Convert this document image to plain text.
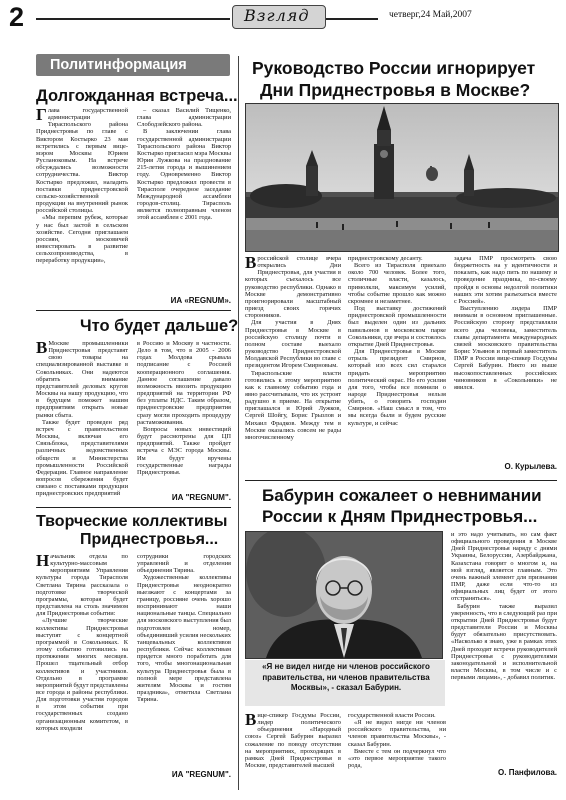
2	Взгляд	четверг,24 Май,2007
Политинформация
Долгожданная встреча...

Глава государственной администрации Тираспольского района Приднестровья по главе с Виктором Костырко 23 мая встретились с первым вице-мэром Москвы Юрием Русланоковым. На встрече обсуждались возможности сотрудничества. Виктор Костырко предложил, наладить поставки приднестровской сельско-хозяйственной продукции на внутренний рынок российской столицы.

«Мы перепим рубеж, которые у нас был застой в сельском хозяйстве. Сегодня приглашаем россиян, московичей инвестировать в развитие сельхозпроизводства, в переработку продукции»,

– сказал Василий Тищенко, глава администрации Слободзейского района.

В заключении глава государственной администрации Тираспольского района Виктор Костырко пригласил мэра Москвы Юрия Лужкова на празднование 215-летия города и вышинением году. Одновременно Виктор Костырко предложил провести в Тирасполе очередное заседание Международной ассамблеи городов-столиц. Тирасполь является полноправным членом этой ассамблеи с 2001 года.

ИА «REGNUM».
Что будет дальше?

В Москве промышленники Приднестровья представят свою товары на специализированной выставке в Сокольниках. Они надеются обратить внимание представителей деловых кругов Москвы на нашу продукцию, что в будущем поможет нашим предприятиям открыть новые рынки сбыта.

Также будет проведен ряд встреч с правительством Москвы, включая его Связьблокa, представителями различных ведомственных обществ и Министерства промышленности Российской Федерации. Главное направление вопросов сбережения будет связано с поставками продукции приднестровских предприятий

в Россию и Москву в частности. Дело в том, что в 2005 - 2006 годах Молдова срывала подписание с Россией кооперационного соглашения. Данное соглашение давало возможность ввозить продукцию предприятий на территории РФ без уплаты НДС. Таким образом, приднестровские предприятия сразу могли проходить процедуру растаможивания.

Вопросы новых инвестиций будут рассмотрены для ЦП предприятий. Также пройдет встреча с МЭС города Москвы. Им будут вручены государственные награды Приднестровья.

ИА "REGNUM".
Творческие коллективы
Приднестровья...

Начальник отдела по культурно-массовым мероприятиям Управления культуры города Тирасполя Светлана Тярина рассказала о подготовке творческой программы, которая будет представлена на столь значимом для Приднестровья событии:

«Лучшие творческие коллективы Приднестровья выступят с концертной программой в Сокольниках. К этому событию готовились на протяжении многих месяцев. Прошел тщательный отбор коллективов и участников. Отдельно в программе мероприятий будут представлены все города и районы республики. Для подготовки участия городов в этом событии при государственных создано организационным комитетом, в которых входили

сотрудники городских управлений и отделения объединения Тярина.

Художественные коллективы Приднестровья неоднократно выезжают с концертами за границу, россияне очень хорошо воспринимают наши национальные танцы. Специально для московского выступления был подготовлен номер, объединивший усилия нескольких танцевальных коллективов республики. Сейчас коллективам придется много поработать для того, чтобы многонациональная культура Приднестровья была в полной мере представлена жителям Москвы и гостям праздника», отметила Светлана Тярина.

ИА "REGNUM".
Руководство России игнорирует
Дни Приднестровья в Москве?

В российской столице вчера открылись Дни Приднестровья, для участия в которых съехалось все руководство республики. Однако в Москве демонстративно проигнорировали масштабный приезд своих горячих сторонников.

Для участия в Днях Приднестровья в Москве в российскую столицу почти в полном составе выехало руководство Приднестровской Молдавской Республики во главе с президентом Игорем Смирновым.

Тираспольские власти готовились к этому мероприятию как к главному событию года и явно рассчитывали, что их устроят радушно в приеме. На открытие приглашался и Юрий Лужков, Сергей Шойгу, Борис Грызлов и Михаил Фрадков. Между тем в Москве оказались совсем не рады многочисленному

приднестровскому десанту.

Всего из Тирасполя приехало около 700 человек. Более того, столичные власти, казалось, примолкли, максимум усилий, чтобы событие прошло как можно скромнее и незаметнее.

Под выставку достижений приднестровской промышленности был выделен один из дальних павильонов в московском парке Сокольники, где вчера и состоялось открытие Дней Приднестровья.

Для Приднестровья в Москве отрыль президент Смирнов, который изо всех сил старался придать мероприятию политический окрас. Но его усилия для того, чтобы все помнили о народе Приднестровья нельзя убить, о говорить господин Смирнов. «Наш смысл в том, что мы всегда были и будем русские культуре, и сейчас

задача ПМР просмотреть свою бюджетность на у идентичности и показать, как надо пить по нашему и проведение праздника, по-своему пройдя в основы недолгой политики наших эти хотим разъехаться вместе с Россией».

Выступлению лидера ПМР внимали в основном приглашенные. Российскую сторону представляли всего два человека, заместитель главы департамента международных связей московского правительства Борис Ульянов и первый заместитель ПМР в России вице-спикер Госдумы Сергей Бабурин. Никто из выше высокопоставленных российских чиновников в «Сокольники» не явился.

О. Курылева.
Бабурин сожалеет о невнимании
России к Дням Приднестровья...

и это надо учитывать, но сам факт официального проведения в Москве Дней Приднестровья наряду с днями Украины, Белоруссии, Азербайджана, Казахстана говорит о многом и, на мой взгляд, является главным. Это очень важный элемент для признания ПМР, даже если что-то из официальных лиц будет от этого отстраняться».

Бабурин также выразил уверенность, что в следующий раз при открытии Дней Приднестровья будут представители России и Москвы будут обязательно присутствовать. «Насколько я знаю, уже в рамках этих Дней проходят встречи руководителей Приднестровья с руководителями законодательной и исполнительной власти Москвы, в том числе и с первыми лицами», - добавил политик.

«Я не видел нигде ни членов российского правительства, ни членов правительства Москвы», - сказал Бабурин.

Вице-спикер Госдумы России, лидер политического объединения «Народный союз» Сергей Бабурин выразил сожаление по поводу отсутствия на мероприятиях, проходящих в рамках Дней Приднестровья в Москве, представителей высшей

государственной власти России.

«Я не видел нигде ни членов российского правительства, ни членов правительства Москвы», - сказал Бабурин.

Вместе с тем он подчеркнул что «это первое мероприятие такого рода,

О. Панфилова.
